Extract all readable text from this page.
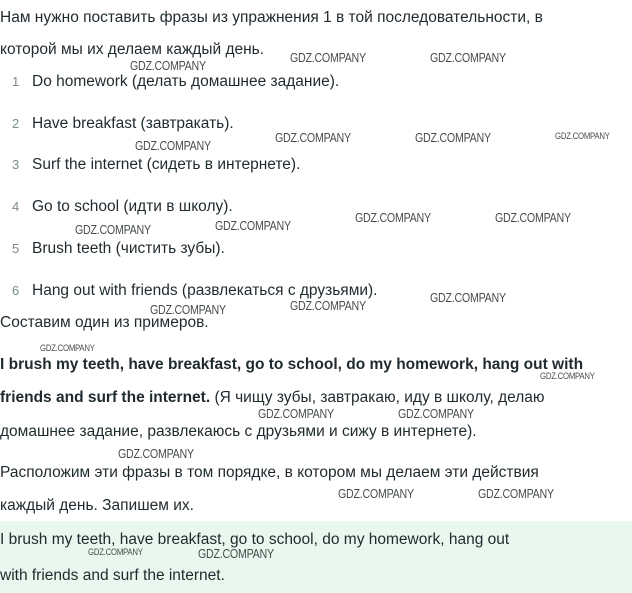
Нам нужно поставить фразы из упражнения 1 в той последовательности, в
которой мы их делаем каждый день.
1 Do homework (делать домашнее задание).
2 Have breakfast (завтракать).
3 Surf the internet (сидеть в интернете).
4 Go to school (идти в школу).
5 Brush teeth (чистить зубы).
6 Hang out with friends (развлекаться с друзьями).
Составим один из примеров.
I brush my teeth, have breakfast, go to school, do my homework, hang out with
friends and surf the internet. (Я чищу зубы, завтракаю, иду в школу, делаю
домашнее задание, развлекаюсь с друзьями и сижу в интернете).
Расположим эти фразы в том порядке, в котором мы делаем эти действия
каждый день. Запишем их.
I brush my teeth, have breakfast, go to school, do my homework, hang out
with friends and surf the internet.
GDZ.COMPANY	GDZ.COMPANY
GDZ.COMPANY
GDZ.COMPANY	GDZ.COMPANY	GDZ.COMPANY
GDZ.COMPANY
GDZ.COMPANY	GDZ.COMPANY
GDZ.COMPANY
GDZ.COMPANY
GDZ.COMPANY
GDZ.COMPANY
GDZ.COMPANY
GDZ.COMPANY
GDZ.COMPANY
GDZ.COMPANY	GDZ.COMPANY
GDZ.COMPANY
GDZ.COMPANY	GDZ.COMPANY
GDZ.COMPANY	GDZ.COMPANY
